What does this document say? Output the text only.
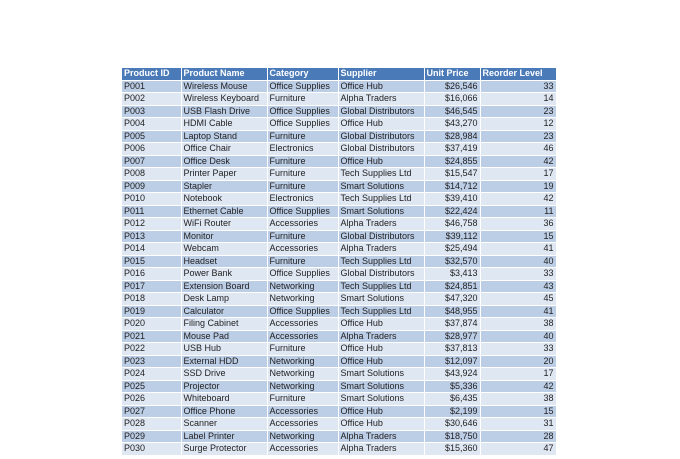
Product ID	Product Name	Category	Supplier	Unit Price	Reorder Level
P001	Wireless Mouse	Office Supplies	Office Hub	$26,546	33
P002	Wireless Keyboard	Furniture	Alpha Traders	$16,066	14
P003	USB Flash Drive	Office Supplies	Global Distributors	$46,545	23
P004	HDMI Cable	Office Supplies	Office Hub	$43,270	12
P005	Laptop Stand	Furniture	Global Distributors	$28,984	23
P006	Office Chair	Electronics	Global Distributors	$37,419	46
P007	Office Desk	Furniture	Office Hub	$24,855	42
P008	Printer Paper	Furniture	Tech Supplies Ltd	$15,547	17
P009	Stapler	Furniture	Smart Solutions	$14,712	19
P010	Notebook	Electronics	Tech Supplies Ltd	$39,410	42
P011	Ethernet Cable	Office Supplies	Smart Solutions	$22,424	11
P012	WiFi Router	Accessories	Alpha Traders	$46,758	36
P013	Monitor	Furniture	Global Distributors	$39,112	15
P014	Webcam	Accessories	Alpha Traders	$25,494	41
P015	Headset	Furniture	Tech Supplies Ltd	$32,570	40
P016	Power Bank	Office Supplies	Global Distributors	$3,413	33
P017	Extension Board	Networking	Tech Supplies Ltd	$24,851	43
P018	Desk Lamp	Networking	Smart Solutions	$47,320	45
P019	Calculator	Office Supplies	Tech Supplies Ltd	$48,955	41
P020	Filing Cabinet	Accessories	Office Hub	$37,874	38
P021	Mouse Pad	Accessories	Alpha Traders	$28,977	40
P022	USB Hub	Furniture	Office Hub	$37,813	33
P023	External HDD	Networking	Office Hub	$12,097	20
P024	SSD Drive	Networking	Smart Solutions	$43,924	17
P025	Projector	Networking	Smart Solutions	$5,336	42
P026	Whiteboard	Furniture	Smart Solutions	$6,435	38
P027	Office Phone	Accessories	Office Hub	$2,199	15
P028	Scanner	Accessories	Office Hub	$30,646	31
P029	Label Printer	Networking	Alpha Traders	$18,750	28
P030	Surge Protector	Accessories	Alpha Traders	$15,360	47
